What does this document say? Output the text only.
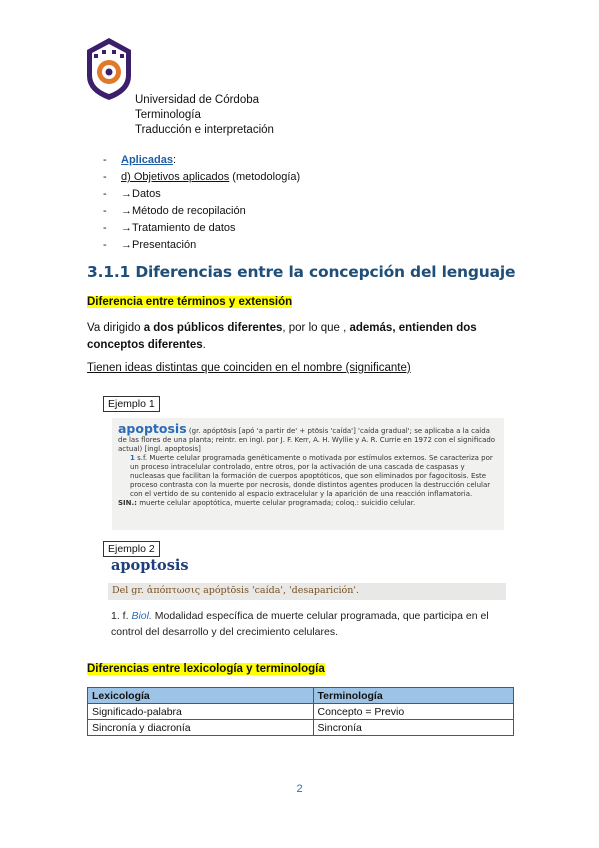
Universidad de Córdoba
Terminología
Traducción e interpretación
-	Aplicadas:
-	d) Objetivos aplicados (metodología)
-	→Datos
-	→Método de recopilación
-	→Tratamiento de datos
-	→Presentación
3.1.1 Diferencias entre la concepción del lenguaje
Diferencia entre términos y extensión
Va dirigido a dos públicos diferentes, por lo que , además, entienden dos conceptos diferentes.
Tienen ideas distintas que coinciden en el nombre (significante)
Ejemplo 1
apoptosis (gr. apóptōsis [apó 'a partir de' + ptōsis 'caída'] 'caída gradual'; se aplicaba a la caída de las flores de una planta; reintr. en ingl. por J. F. Kerr, A. H. Wyllie y A. R. Currie en 1972 con el significado actual) [ingl. apoptosis]
1 s.f. Muerte celular programada genéticamente o motivada por estímulos externos. Se caracteriza por un proceso intracelular controlado, entre otros, por la activación de una cascada de caspasas y nucleasas que facilitan la formación de cuerpos apoptóticos, que son eliminados por fagocitosis. Este proceso contrasta con la muerte por necrosis, donde distintos agentes producen la destrucción celular con el vertido de su contenido al espacio extracelular y la aparición de una reacción inflamatoria.
SIN.: muerte celular apoptótica, muerte celular programada; coloq.: suicidio celular.
Ejemplo 2
apoptosis
Del gr. ἀπόπτωσις apóptōsis 'caída', 'desaparición'.
1. f. Biol. Modalidad específica de muerte celular programada, que participa en el control del desarrollo y del crecimiento celulares.
Diferencias entre lexicología y terminología
Lexicología	Terminología
Significado-palabra	Concepto = Previo
Sincronía y diacronía	Sincronía
2
